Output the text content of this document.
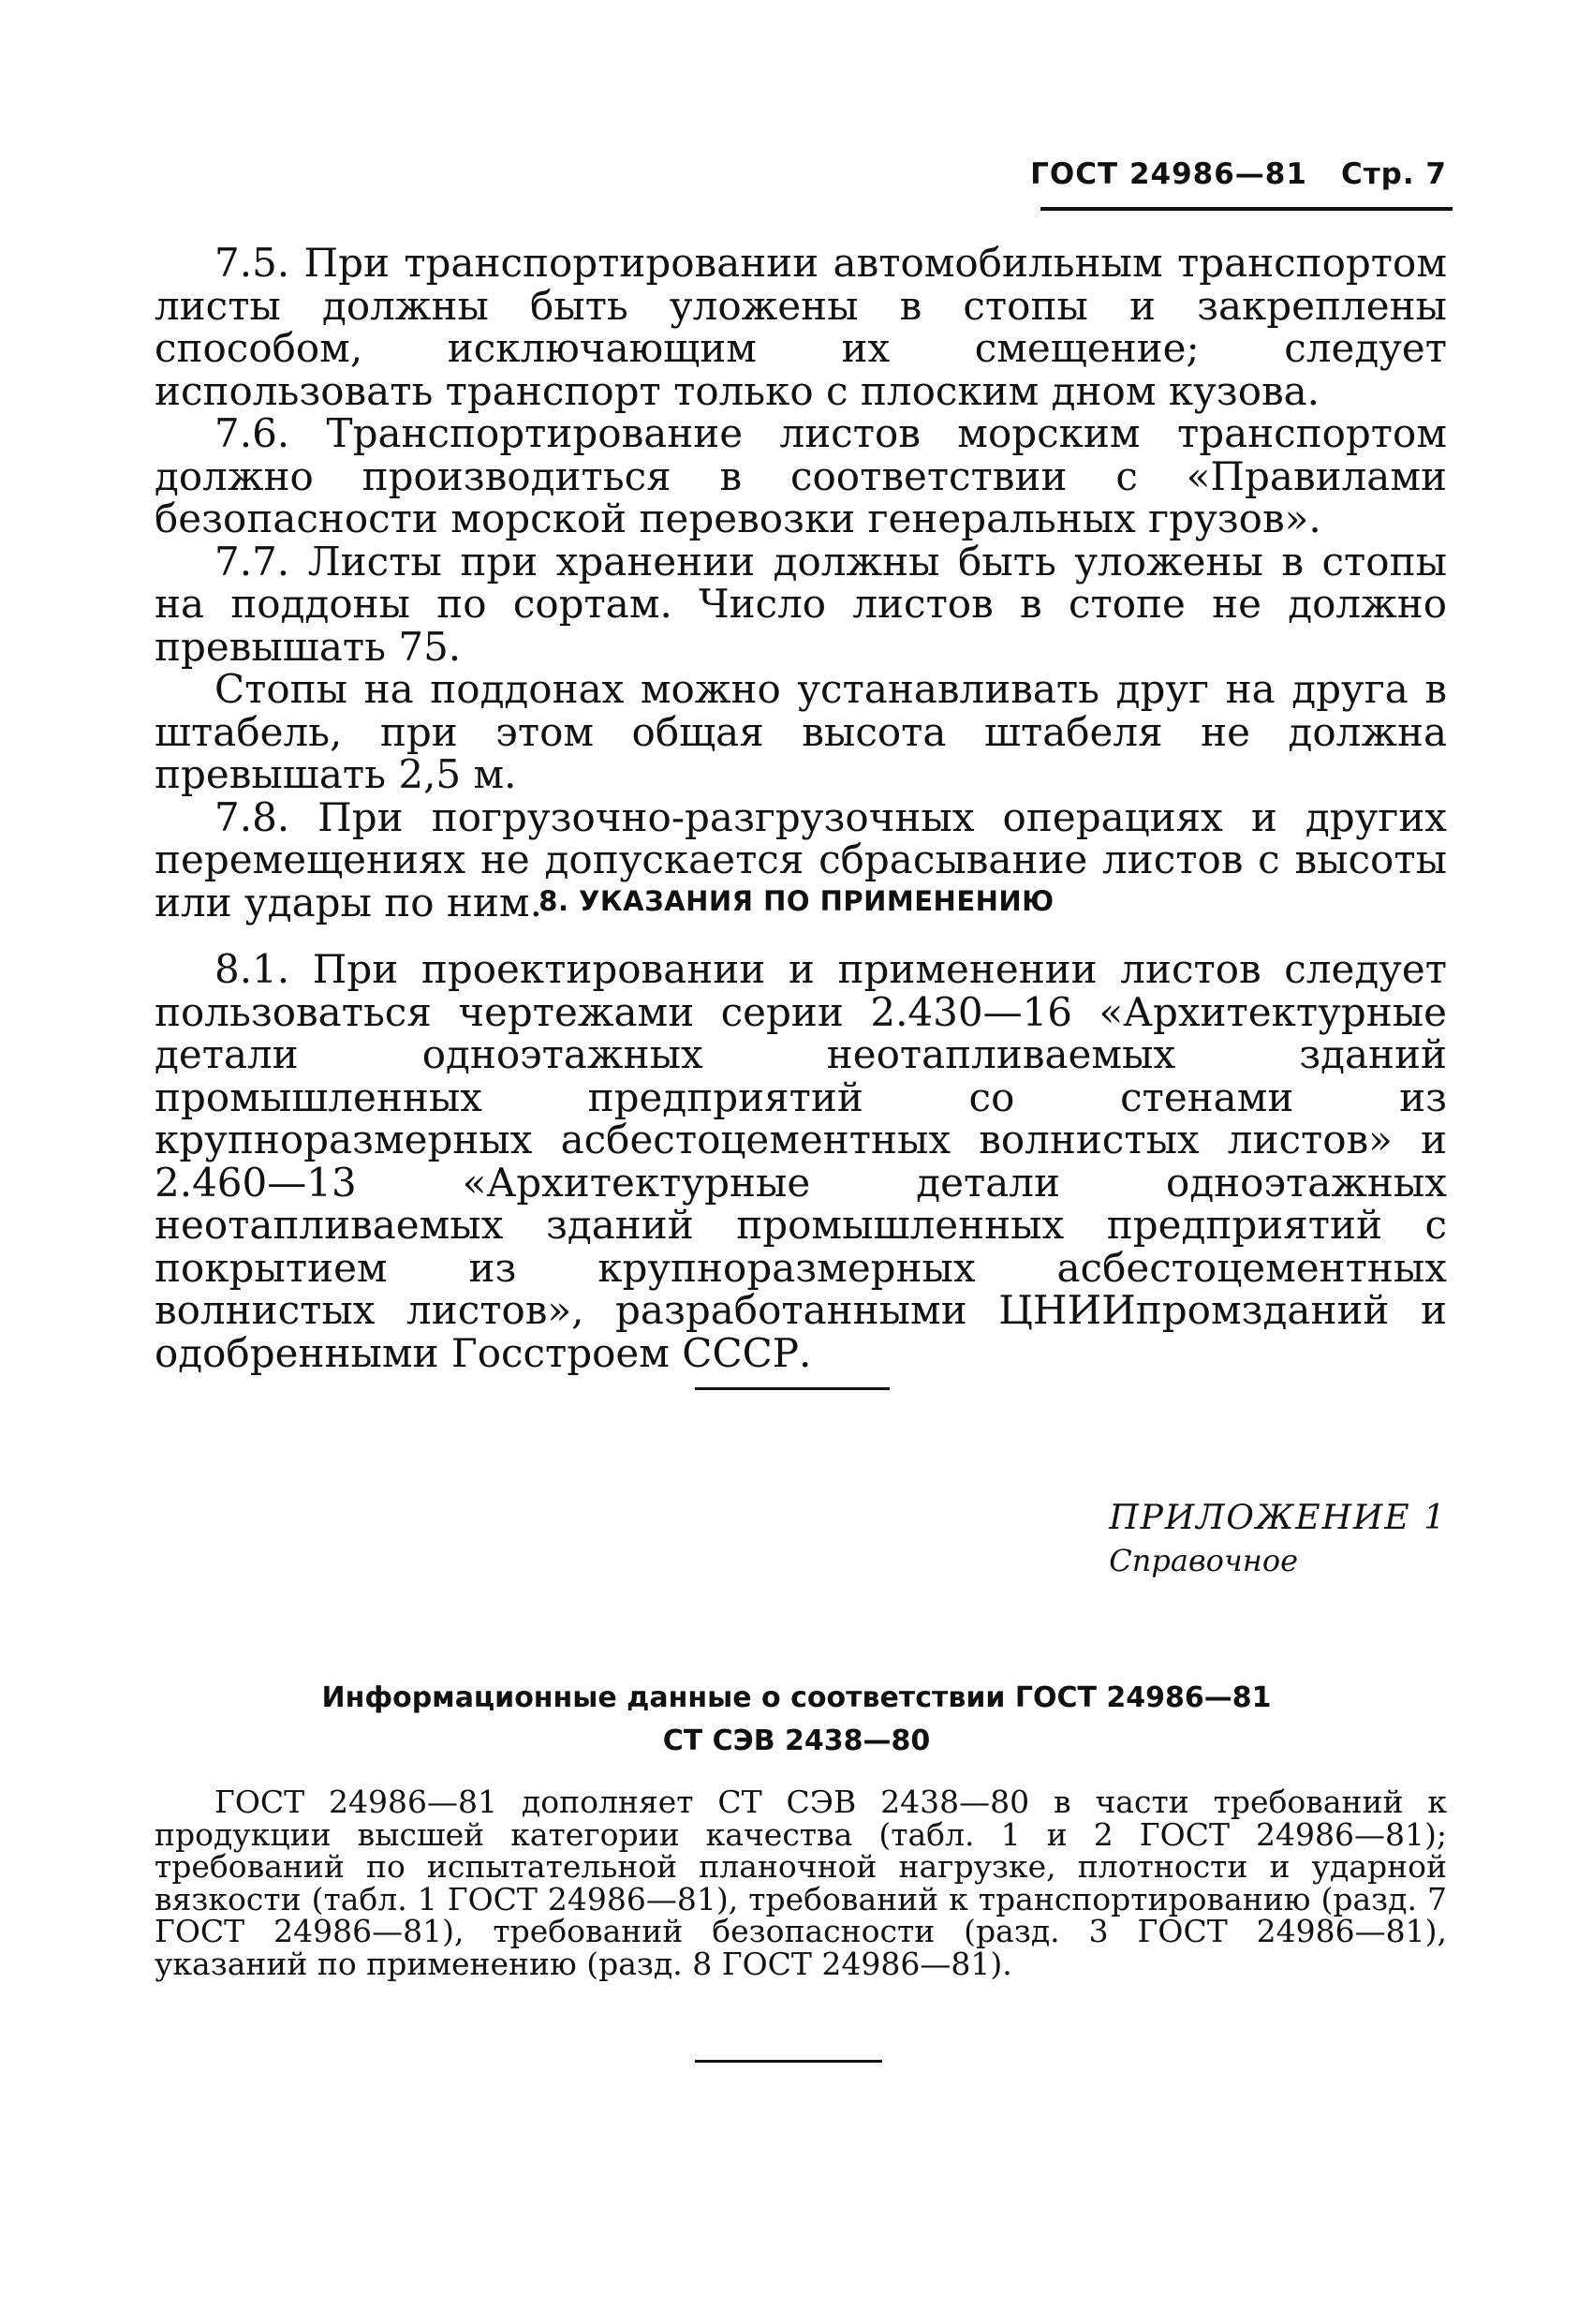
ГОСТ 24986—81 Стр. 7

7.5. При транспортировании автомобильным транспортом листы должны быть уложены в стопы и закреплены способом, исключающим их смещение; следует использовать транспорт только с плоским дном кузова.

7.6. Транспортирование листов морским транспортом должно производиться в соответствии с «Правилами безопасности морской перевозки генеральных грузов».

7.7. Листы при хранении должны быть уложены в стопы на поддоны по сортам. Число листов в стопе не должно превышать 75.

Стопы на поддонах можно устанавливать друг на друга в штабель, при этом общая высота штабеля не должна превышать 2,5 м.

7.8. При погрузочно-разгрузочных операциях и других перемещениях не допускается сбрасывание листов с высоты или удары по ним.

8. УКАЗАНИЯ ПО ПРИМЕНЕНИЮ

8.1. При проектировании и применении листов следует пользоваться чертежами серии 2.430—16 «Архитектурные детали одноэтажных неотапливаемых зданий промышленных предприятий со стенами из крупноразмерных асбестоцементных волнистых листов» и 2.460—13 «Архитектурные детали одноэтажных неотапливаемых зданий промышленных предприятий с покрытием из крупноразмерных асбестоцементных волнистых листов», разработанными ЦНИИпромзданий и одобренными Госстроем СССР.

ПРИЛОЖЕНИЕ 1
Справочное
Информационные данные о соответствии ГОСТ 24986—81
СТ СЭВ 2438—80

ГОСТ 24986—81 дополняет СТ СЭВ 2438—80 в части требований к продукции высшей категории качества (табл. 1 и 2 ГОСТ 24986—81); требований по испытательной планочной нагрузке, плотности и ударной вязкости (табл. 1 ГОСТ 24986—81), требований к транспортированию (разд. 7 ГОСТ 24986—81), требований безопасности (разд. 3 ГОСТ 24986—81), указаний по применению (разд. 8 ГОСТ 24986—81).
